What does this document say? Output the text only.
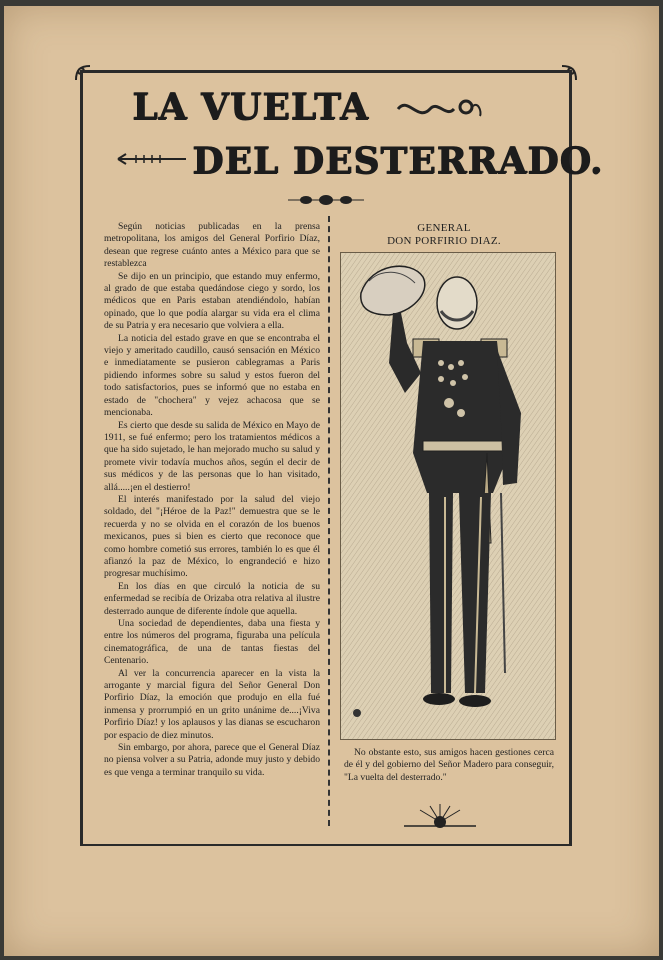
LA VUELTA
DEL DESTERRADO.

Según noticias publicadas en la prensa metropolitana, los amigos del General Porfirio Díaz, desean que regrese cuánto antes a México para que se restablezca

Se dijo en un principio, que estando muy enfermo, al grado de que estaba quedándose ciego y sordo, los médicos que en Paris estaban atendiéndolo, habían opinado, que lo que podía alargar su vida era el clima de su Patria y era necesario que volviera a ella.

La noticia del estado grave en que se encontraba el viejo y ameritado caudillo, causó sensación en México e inmediatamente se pusieron cablegramas a Paris pidiendo informes sobre su salud y estos fueron del todo satisfactorios, pues se informó que no estaba en estado de "chochera" y vejez achacosa que se mencionaba.

Es cierto que desde su salida de México en Mayo de 1911, se fué enfermo; pero los tratamientos médicos a que ha sido sujetado, le han mejorado mucho su salud y promete vivir todavía muchos años, según el decir de sus médicos y de las personas que lo han visitado, allá.....¡en el destierro!

El interés manifestado por la salud del viejo soldado, del "¡Héroe de la Paz!" demuestra que se le recuerda y no se olvida en el corazón de los buenos mexicanos, pues si bien es cierto que reconoce que como hombre cometió sus errores, también lo es que él afianzó la paz de México, lo engrandeció e hizo progresar muchísimo.

En los días en que circuló la noticia de su enfermedad se recibía de Orizaba otra relativa al ilustre desterrado aunque de diferente índole que aquella.

Una sociedad de dependientes, daba una fiesta y entre los números del programa, figuraba una película cinematográfica, de una de tantas fiestas del Centenario.

Al ver la concurrencia aparecer en la vista la arrogante y marcial figura del Señor General Don Porfirio Díaz, la emoción que produjo en ella fué inmensa y prorrumpió en un grito unánime de....¡Viva Porfirio Díaz! y los aplausos y las dianas se escucharon por espacio de diez minutos.

Sin embargo, por ahora, parece que el General Díaz no piensa volver a su Patria, adonde muy justo y debido es que venga a terminar tranquilo su vida.

GENERAL
DON PORFIRIO DIAZ.

No obstante esto, sus amigos hacen gestiones cerca de él y del gobierno del Señor Madero para conseguir, "La vuelta del desterrado."
